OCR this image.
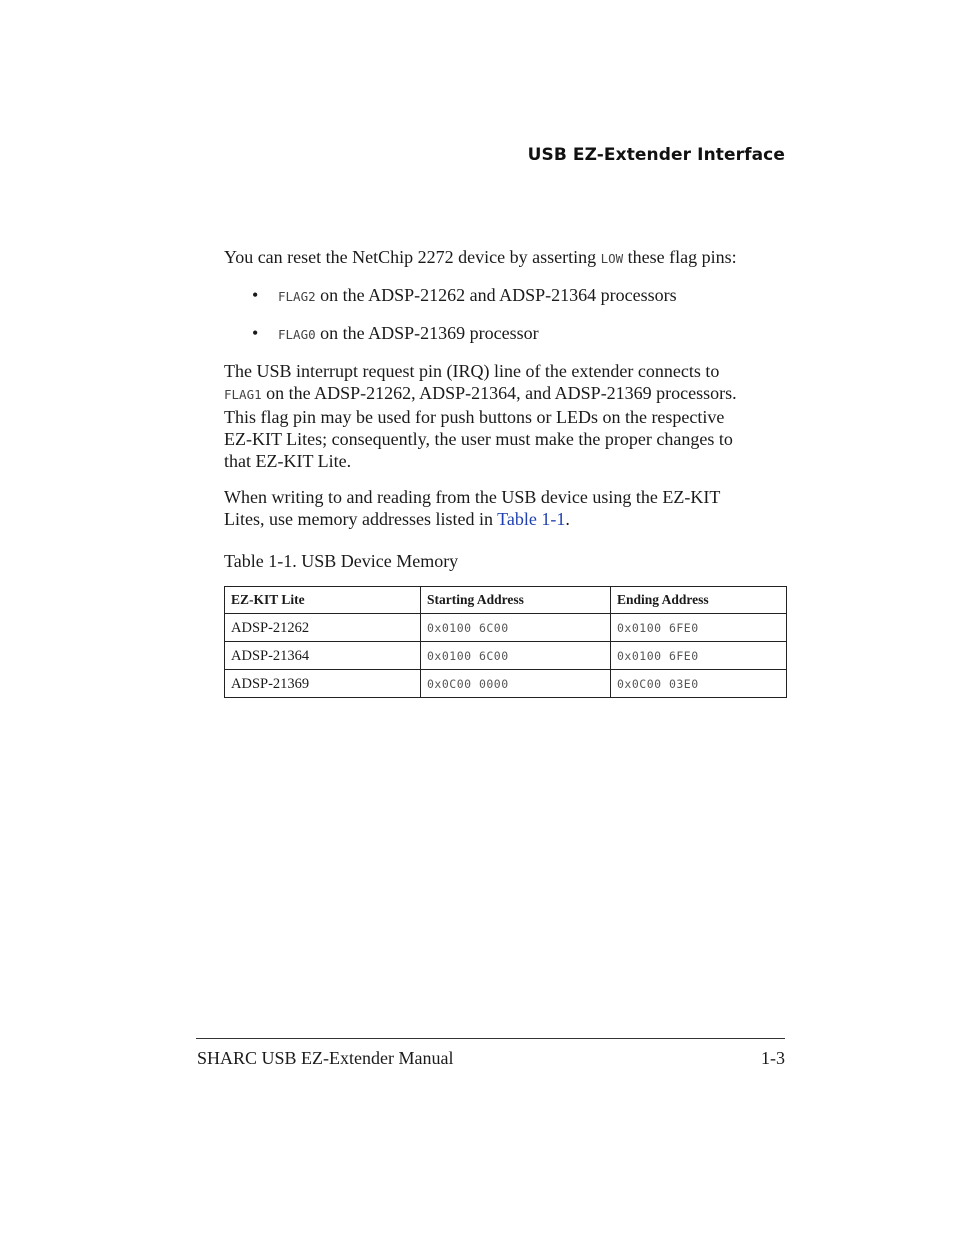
USB EZ-Extender Interface

You can reset the NetChip 2272 device by asserting LOW these flag pins:

• FLAG2 on the ADSP-21262 and ADSP-21364 processors
• FLAG0 on the ADSP-21369 processor

The USB interrupt request pin (IRQ) line of the extender connects to
FLAG1 on the ADSP-21262, ADSP-21364, and ADSP-21369 processors.
This flag pin may be used for push buttons or LEDs on the respective
EZ-KIT Lites; consequently, the user must make the proper changes to
that EZ-KIT Lite.

When writing to and reading from the USB device using the EZ-KIT
Lites, use memory addresses listed in Table 1-1.

Table 1-1. USB Device Memory
EZ-KIT Lite	Starting Address	Ending Address
ADSP-21262	0x0100 6C00	0x0100 6FE0
ADSP-21364	0x0100 6C00	0x0100 6FE0
ADSP-21369	0x0C00 0000	0x0C00 03E0
SHARC USB EZ-Extender Manual	1-3
